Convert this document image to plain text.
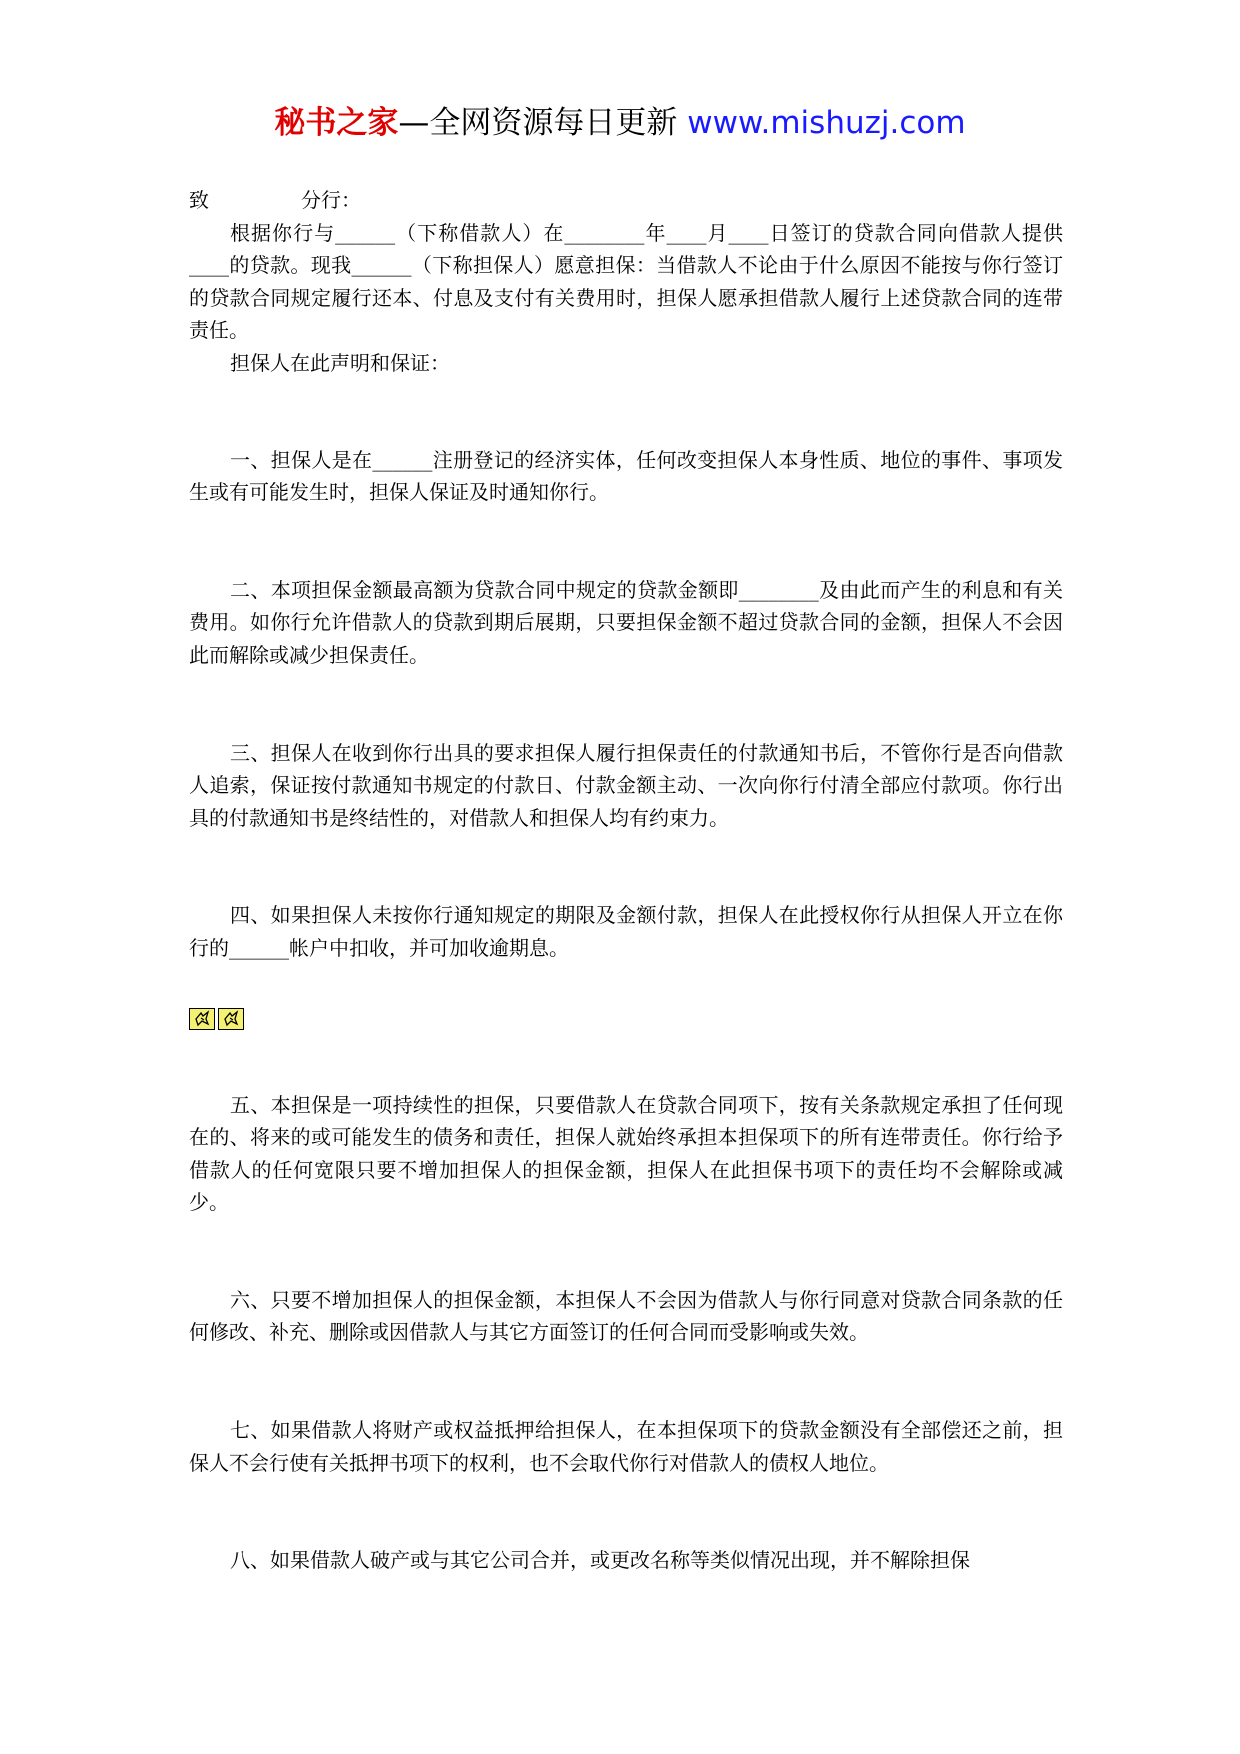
秘书之家—全网资源每日更新 www.mishuzj.com

致	分行：

根据你行与______（下称借款人）在________年____月____日签订的贷款合同向借款人提供____的贷款。现我______（下称担保人）愿意担保：当借款人不论由于什么原因不能按与你行签订的贷款合同规定履行还本、付息及支付有关费用时，担保人愿承担借款人履行上述贷款合同的连带责任。

担保人在此声明和保证：

一、担保人是在______注册登记的经济实体，任何改变担保人本身性质、地位的事件、事项发生或有可能发生时，担保人保证及时通知你行。

二、本项担保金额最高额为贷款合同中规定的贷款金额即________及由此而产生的利息和有关费用。如你行允许借款人的贷款到期后展期，只要担保金额不超过贷款合同的金额，担保人不会因此而解除或减少担保责任。

三、担保人在收到你行出具的要求担保人履行担保责任的付款通知书后，不管你行是否向借款人追索，保证按付款通知书规定的付款日、付款金额主动、一次向你行付清全部应付款项。你行出具的付款通知书是终结性的，对借款人和担保人均有约束力。

四、如果担保人未按你行通知规定的期限及金额付款，担保人在此授权你行从担保人开立在你行的______帐户中扣收，并可加收逾期息。

五、本担保是一项持续性的担保，只要借款人在贷款合同项下，按有关条款规定承担了任何现在的、将来的或可能发生的债务和责任，担保人就始终承担本担保项下的所有连带责任。你行给予借款人的任何宽限只要不增加担保人的担保金额，担保人在此担保书项下的责任均不会解除或减少。

六、只要不增加担保人的担保金额，本担保人不会因为借款人与你行同意对贷款合同条款的任何修改、补充、删除或因借款人与其它方面签订的任何合同而受影响或失效。

七、如果借款人将财产或权益抵押给担保人，在本担保项下的贷款金额没有全部偿还之前，担保人不会行使有关抵押书项下的权利，也不会取代你行对借款人的债权人地位。

八、如果借款人破产或与其它公司合并，或更改名称等类似情况出现，并不解除担保
